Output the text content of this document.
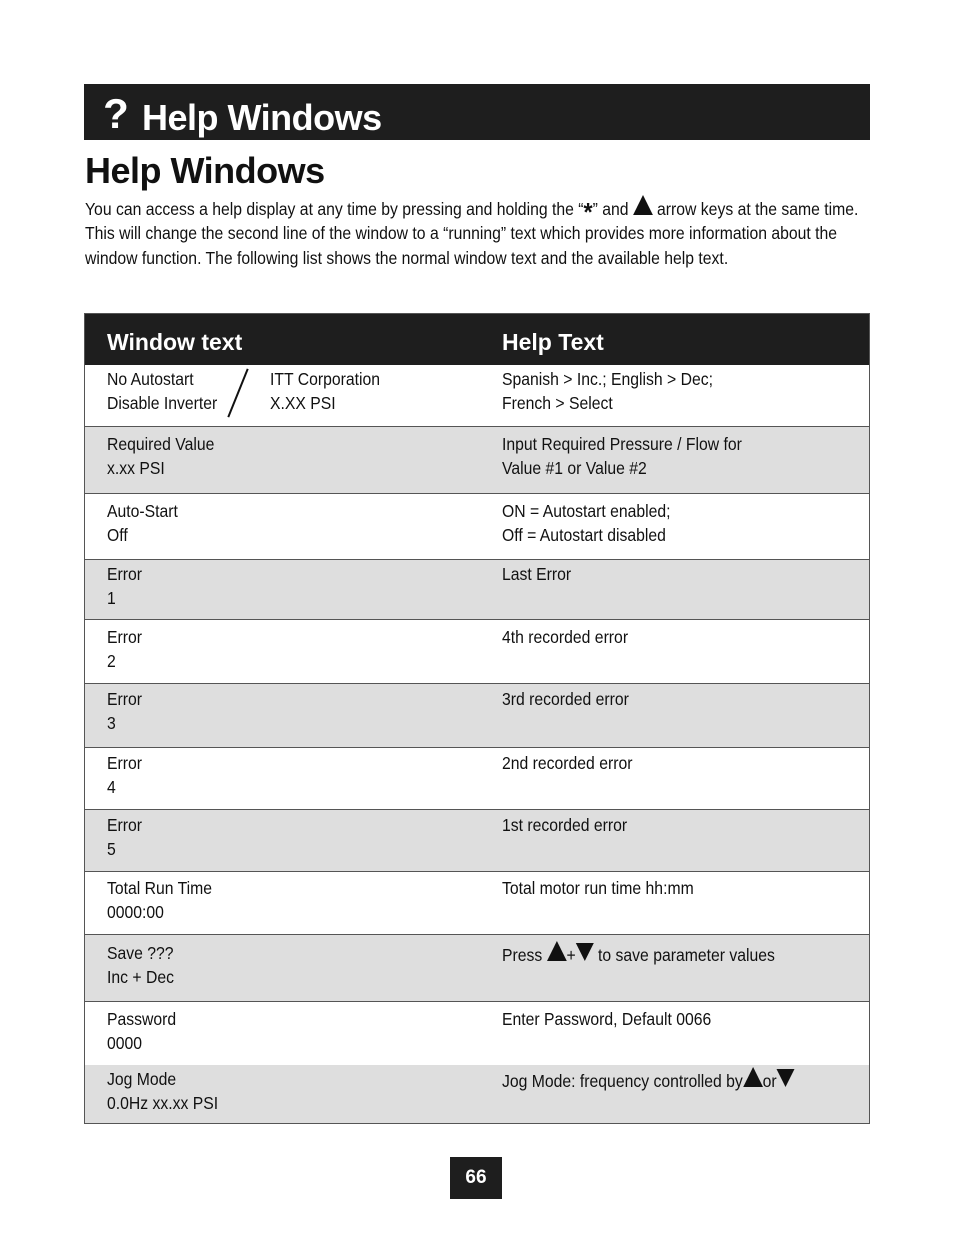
? Help Windows
Help Windows
You can access a help display at any time by pressing and holding the “*” and  arrow keys at the same time. This will change the second line of the window to a “running” text which provides more information about the window function. The following list shows the normal window text and the available help text.
Window text	Help Text
No Autostart
Disable Inverter
ITT Corporation
X.XX PSI
Spanish > Inc.; English > Dec;
French > Select
Required Value
x.xx PSI
Input Required Pressure / Flow for
Value #1 or Value #2
Auto-Start
Off
ON = Autostart enabled;
Off = Autostart disabled
Error
1
Last Error
Error
2
4th recorded error
Error
3
3rd recorded error
Error
4
2nd recorded error
Error
5
1st recorded error
Total Run Time
0000:00
Total motor run time hh:mm
Save ???
Inc + Dec
Press + to save parameter values
Password
0000
Enter Password, Default 0066
Jog Mode
0.0Hz xx.xx PSI
Jog Mode: frequency controlled by or
66
